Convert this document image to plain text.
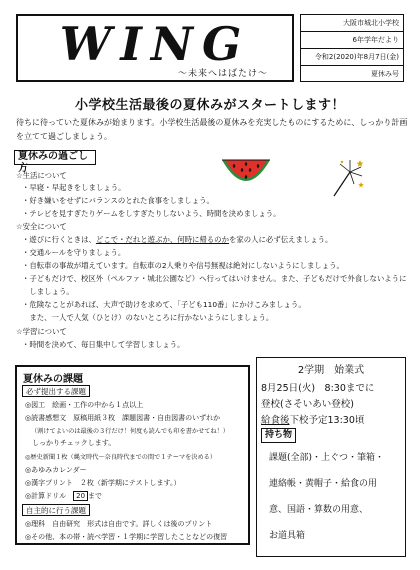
WING
～未来へはばたけ～
大阪市城北小学校
6年学年だより
令和2(2020)年8月7日(金)
夏休み号
小学校生活最後の夏休みがスタートします！
待ちに待っていた夏休みが始まります。小学校生活最後の夏休みを充実したものにするために、しっかり計画を立てて過ごしましょう。
夏休みの過ごし方
☆生活について
・早寝・早起きをしましょう。
・好き嫌いをせずにバランスのとれた食事をしましょう。
・テレビを見すぎたりゲームをしすぎたりしないよう、時間を決めましょう。
☆安全について
・遊びに行くときは、どこで・だれと遊ぶか、何時に帰るのかを家の人に必ず伝えましょう。
・交通ルールを守りましょう。
・自転車の事故が増えています。自転車の2人乗りや信号無視は絶対にしないようにしましょう。
・子どもだけで、校区外（ペルファ・城北公園など）へ行ってはいけません。また、子どもだけで外食しないように
　しましょう。
・危険なことがあれば、大声で助けを求めて、「子ども110番」にかけこみましょう。
　また、一人で人気（ひとけ）のないところに行かないようにしましょう。
☆学習について
・時間を決めて、毎日集中して学習しましょう。
夏休みの課題
必ず提出する課題
◎図工　絵画・工作の中から１点以上
◎読書感想文　原稿用紙３枚　課題図書・自由図書のいずれか
（割けてよいのは最後の３行だけ！何度も読んでも印を書かせてね！）
　しっかりチェックします。
◎歴史新聞１枚（縄文時代～奈良時代までの間で１テーマを決める）
◎あゆみカレンダー
◎漢字プリント　２枚（新学期にテストします。）
◎計算ドリル　20 まで
自主的に行う課題
◎理科　自由研究　形式は自由です。詳しくは後のプリント
◎その他、本の帯・読べ学習・１学期に学習したことなどの復習
2学期　始業式
8月25日(火)　8:30までに
登校(さそいあい登校)
給食後下校予定13:30頃
持ち物
課題(全部)・上ぐつ・筆箱・
連絡帳・黄帽子・給食の用
意、国語・算数の用意、
お道具箱
